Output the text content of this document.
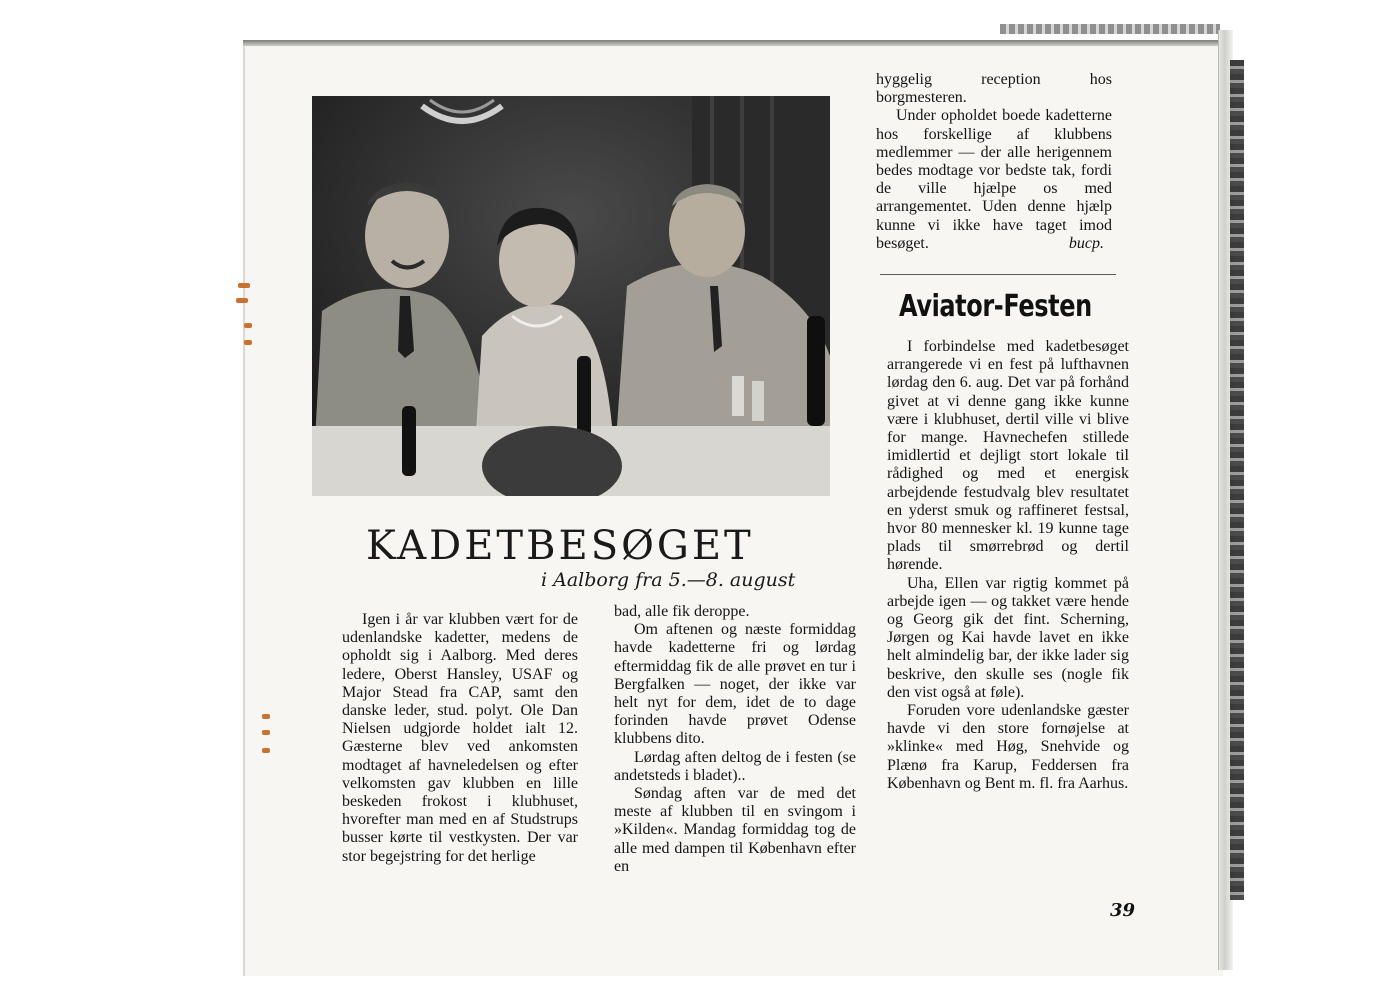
KADETBESØGET
i Aalborg fra 5.—8. august

Igen i år var klubben vært for de udenlandske kadetter, medens de opholdt sig i Aalborg. Med deres ledere, Oberst Hansley, USAF og Major Stead fra CAP, samt den danske leder, stud. polyt. Ole Dan Nielsen udgjorde holdet ialt 12. Gæsterne blev ved ankomsten modtaget af havneledelsen og efter velkomsten gav klubben en lille beskeden frokost i klubhuset, hvorefter man med en af Studstrups busser kørte til vestkysten. Der var stor begejstring for det herlige

bad, alle fik deroppe.

Om aftenen og næste formiddag havde kadetterne fri og lørdag eftermiddag fik de alle prøvet en tur i Bergfalken — noget, der ikke var helt nyt for dem, idet de to dage forinden havde prøvet Odense klubbens dito.

Lørdag aften deltog de i festen (se andetsteds i bladet)..

Søndag aften var de med det meste af klubben til en svingom i »Kilden«. Mandag formiddag tog de alle med dampen til København efter en

hyggelig reception hos borgmesteren.

Under opholdet boede kadetterne hos forskellige af klubbens medlemmer — der alle herigennem bedes modtage vor bedste tak, fordi de ville hjælpe os med arrangementet. Uden denne hjælp kunne vi ikke have taget imod besøget.	bucp.

Aviator-Festen

I forbindelse med kadetbesøget arrangerede vi en fest på lufthavnen lørdag den 6. aug. Det var på forhånd givet at vi denne gang ikke kunne være i klubhuset, dertil ville vi blive for mange. Havnechefen stillede imidlertid et dejligt stort lokale til rådighed og med et energisk arbejdende festudvalg blev resultatet en yderst smuk og raffineret festsal, hvor 80 mennesker kl. 19 kunne tage plads til smørrebrød og dertil hørende.

Uha, Ellen var rigtig kommet på arbejde igen — og takket være hende og Georg gik det fint. Scherning, Jørgen og Kai havde lavet en ikke helt almindelig bar, der ikke lader sig beskrive, den skulle ses (nogle fik den vist også at føle).

Foruden vore udenlandske gæster havde vi den store fornøjelse at »klinke« med Høg, Snehvide og Plænø fra Karup, Feddersen fra København og Bent m. fl. fra Aarhus.

39
